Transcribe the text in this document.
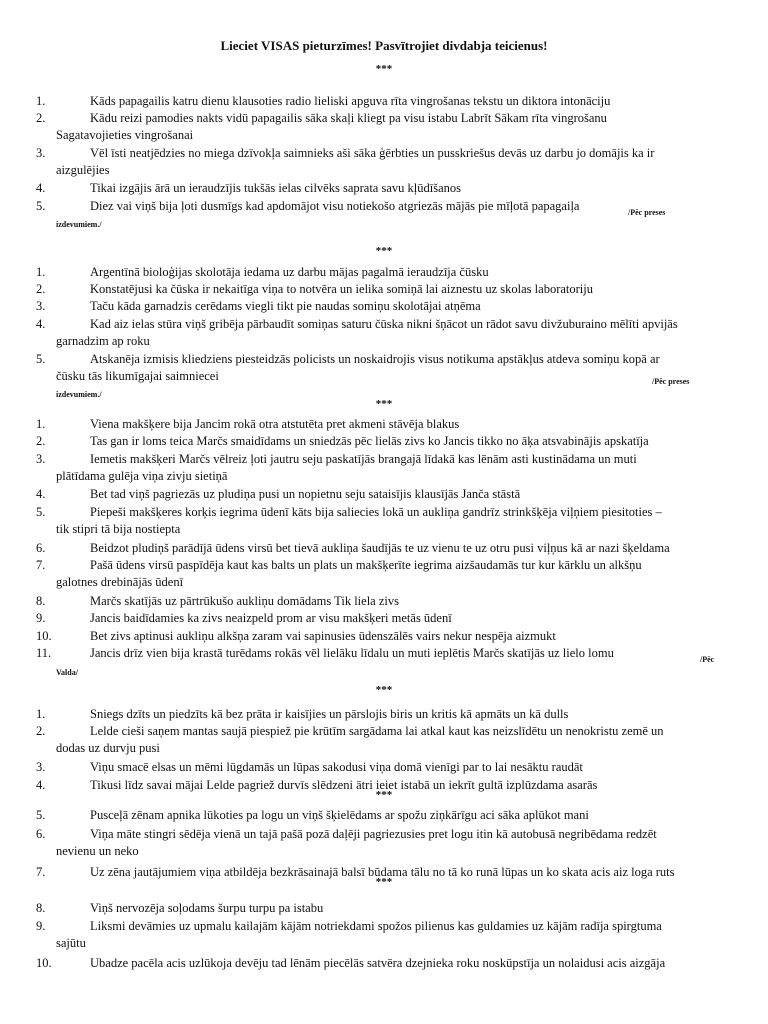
Lieciet VISAS pieturzīmes! Pasvītrojiet divdabja teicienus!
***
***
***
***
***
***
1.	Kāds papagailis katru dienu klausoties radio lieliski apguva rīta vingrošanas tekstu un diktora intonāciju
2.	Kādu reizi pamodies nakts vidū papagailis sāka skaļi kliegt pa visu istabu Labrīt Sākam rīta vingrošanu
Sagatavojieties vingrošanai
3.	Vēl īsti neatjēdzies no miega dzīvokļa saimnieks aši sāka ģērbties un pusskriešus devās uz darbu jo domājis ka ir
aizgulējies
4.	Tikai izgājis ārā un ieraudzījis tukšās ielas cilvēks saprata savu kļūdīšanos
5.	Diez vai viņš bija ļoti dusmīgs kad apdomājot visu notiekošo atgriezās mājās pie mīļotā papagaiļa	/Pēc preses
izdevumiem./
1.	Argentīnā bioloģijas skolotāja iedama uz darbu mājas pagalmā ieraudzīja čūsku
2.	Konstatējusi ka čūska ir nekaitīga viņa to notvēra un ielika somiņā lai aiznestu uz skolas laboratoriju
3.	Taču kāda garnadzis cerēdams viegli tikt pie naudas somiņu skolotājai atņēma
4.	Kad aiz ielas stūra viņš gribēja pārbaudīt somiņas saturu čūska nikni šņācot un rādot savu divžuburaino mēlīti apvijās
garnadzim ap roku
5.	Atskanēja izmisis kliedziens piesteidzās policists un noskaidrojis visus notikuma apstākļus atdeva somiņu kopā ar
čūsku tās likumīgajai saimniecei	/Pēc preses
izdevumiem./
1.	Viena makšķere bija Jancim rokā otra atstutēta pret akmeni stāvēja blakus
2.	Tas gan ir loms teica Marčs smaidīdams un sniedzās pēc lielās zivs ko Jancis tikko no āķa atsvabinājis apskatīja
3.	Iemetis makšķeri Marčs vēlreiz ļoti jautru seju paskatījās brangajā līdakā kas lēnām asti kustinādama un muti
plātīdama gulēja viņa zivju sietiņā
4.	Bet tad viņš pagriezās uz pludiņa pusi un nopietnu seju sataisījis klausījās Janča stāstā
5.	Piepeši makšķeres korķis iegrima ūdenī kāts bija saliecies lokā un aukliņa gandrīz strinkšķēja viļņiem piesitoties –
tik stipri tā bija nostiepta
6.	Beidzot pludiņš parādījā ūdens virsū bet tievā aukliņa šaudījās te uz vienu te uz otru pusi viļņus kā ar nazi šķeldama
7.	Pašā ūdens virsū paspīdēja kaut kas balts un plats un makšķerīte iegrima aizšaudamās tur kur kārklu un alkšņu
galotnes drebinājās ūdenī
8.	Marčs skatījās uz pārtrūkušo aukliņu domādams Tik liela zivs
9.	Jancis baidīdamies ka zivs neaizpeld prom ar visu makšķeri metās ūdenī
10.	Bet zivs aptinusi aukliņu alkšņa zaram vai sapinusies ūdenszālēs vairs nekur nespēja aizmukt
11.	Jancis drīz vien bija krastā turēdams rokās vēl lielāku līdalu un muti ieplētis Marčs skatījās uz lielo lomu	/Pēc
Valda/
1.	Sniegs dzīts un piedzīts kā bez prāta ir kaisījies un pārslojis biris un kritis kā apmāts un kā dulls
2.	Lelde cieši saņem mantas saujā piespiež pie krūtīm sargādama lai atkal kaut kas neizslīdētu un nenokristu zemē un
dodas uz durvju pusi
3.	Viņu smacē elsas un mēmi lūgdamās un lūpas sakodusi viņa domā vienīgi par to lai nesāktu raudāt
4.	Tikusi līdz savai mājai Lelde pagriež durvīs slēdzeni ātri ieiet istabā un iekrīt gultā izplūzdama asarās
5.	Pusceļā zēnam apnika lūkoties pa logu un viņš šķielēdams ar spožu ziņkārīgu aci sāka aplūkot mani
6.	Viņa māte stingri sēdēja vienā un tajā pašā pozā daļēji pagriezusies pret logu itin kā autobusā negribēdama redzēt
nevienu un neko
7.	Uz zēna jautājumiem viņa atbildēja bezkrāsainajā balsī būdama tālu no tā ko runā lūpas un ko skata acis aiz loga ruts
8.	Viņš nervozēja soļodams šurpu turpu pa istabu
9.	Liksmi devāmies uz upmalu kailajām kājām notriekdami spožos pilienus kas guldamies uz kājām radīja spirgtuma
sajūtu
10.	Ubadze pacēla acis uzlūkoja devēju tad lēnām piecēlās satvēra dzejnieka roku noskūpstīja un nolaidusi acis aizgāja
